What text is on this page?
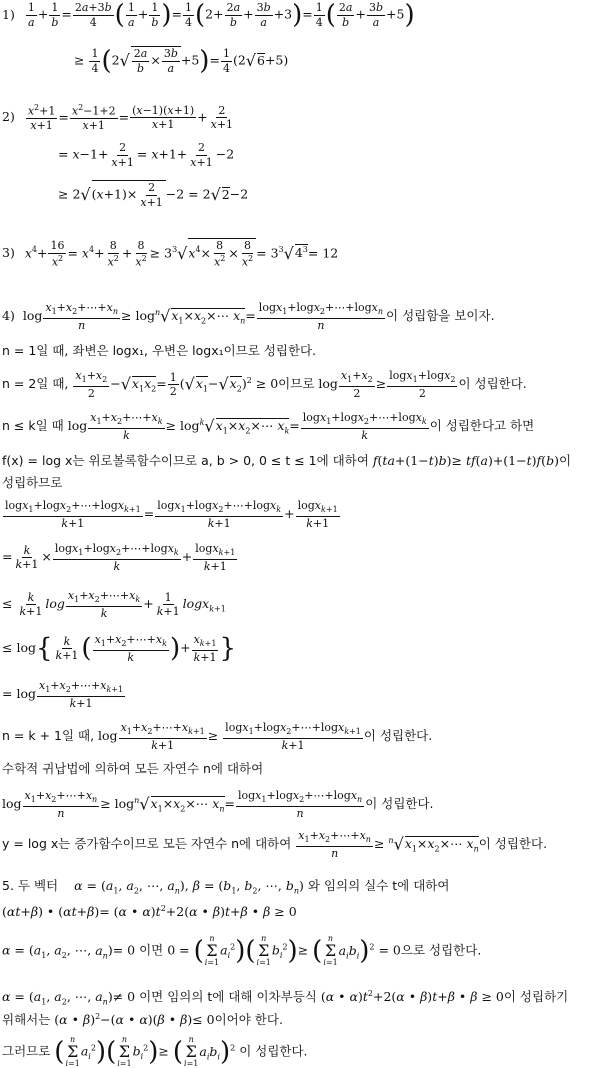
$1) \frac{1}{a} + \frac{1}{b} = \frac{2a+3b}{4}$ ( $\frac{1}{a} + \frac{1}{b}$ )= $\frac{1}{4} (2+ \frac{2a}{b} + \frac{3b}{a} +3)= \frac{1}{4}$ ( $\frac{2a}{b} + \frac{3b}{a} +5$)
≥ $\frac{1}{4} (2√ \frac{2a}{b} \times \frac{3b}{a} +5)= \frac{1}{4} (2√6+5)$
$2) \frac{x^2+1}{x+1} = \frac{x^2-1+2}{x+1} = \frac{(x-1)(x+1)}{x+1} + \frac{2}{x+1}$
= $x-1+ \frac{2}{x+1} = x+1+ \frac{2}{x+1} -2$
≥ $2√(x+1)\times \frac{2}{x+1} -2 = 2√2-2$
3) $x^4+ \frac{16}{x^2} = x^4+ \frac{8}{x^2} + \frac{8}{x^2} \ge 3^3√x^4\times \frac{8}{x^2} \times \frac{8}{x^2} = 3^3√4^3= 12$
4) $\log \frac{x_1+x_2+\cdots+x_n}{n}$ ≥ $\log^n√x_1\times x_2\times\cdots$ $x_n= \frac{\log x_1+\log x_2+\cdots+\log x_n}{n}$ 이 성립함을 보이자.
n = 1일 때, 좌변은 logx₁, 우변은 logx₁이므로 성립한다.
n = 2일 때, $\frac{x_1+x_2}{2} -√x_1x_2= \frac{1}{2} (√x_1-√x_2)^2 \ge 0$이므로 $\log \frac{x_1+x_2}{2} \ge \frac{\log x_1+\log x_2}{2}$ 이 성립한다.
n ≤ k일 때 $\log \frac{x_1+x_2+\cdots+x_k}{k}$ ≥ $\log^k√x_1\times x_2\times\cdots$ $x_k= \frac{\log x_1+\log x_2+\cdots+\log x_k}{k}$ 이 성립한다고 하면
f(x) = log x는 위로볼록함수이므로 a, b > 0, 0 ≤ t ≤ 1에 대하여 f(ta+(1−t)b)≥ tf(a)+(1−t)f(b)이
성립하므로
$\frac{\log x_1+\log x_2+\cdots+\log x_{k+1}}{k+1} = \frac{\log x_1+\log x_2+\cdots+\log x_k}{k+1} + \frac{\log x_{k+1}}{k+1}$
= $\frac{k}{k+1} \times \frac{\log x_1+\log x_2+\cdots+\log x_k}{k} + \frac{\log x_{k+1}}{k+1}$
≤ $\frac{k}{k+1}$ $\log \frac{x_1+x_2+\cdots+x_k}{k} + \frac{1}{k+1} \log x_{k+1}$
≤ $\log\{ \frac{k}{k+1}$ ( $\frac{x_1+x_2+\cdots+x_k}{k}$ )+ $\frac{x_{k+1}}{k+1}$ }
= $\log \frac{x_1+x_2+\cdots+x_{k+1}}{k+1}$
n = k + 1일 때, $\log \frac{x_1+x_2+\cdots+x_{k+1}}{k+1} \ge \frac{\log x_1+\log x_2+\cdots+\log x_{k+1}}{k+1}$ 이 성립한다.
수학적 귀납법에 의하여 모든 자연수 n에 대하여
$\log \frac{x_1+x_2+\cdots+x_n}{n}$ ≥ $\log^n√x_1\times x_2\times\cdots$ $x_n= \frac{\log x_1+\log x_2+\cdots+\log x_n}{n}$ 이 성립한다.
y = log x는 증가함수이므로 모든 자연수 n에 대하여 $\frac{x_1+x_2+\cdots+x_n}{n}$ ≥ $^n√x_1\times x_2\times\cdots$ $x_n$이 성립한다.
5. 두 벡터 $\alpha = (a_1$, $a_2$, ⋯, $a_n$), $\beta = (b_1$, $b_2$, ⋯, $b_n$) 와 임의의 실수 t에 대하여
(αt+β) • (αt+β)= (α • $\alpha)t^2+2(\alpha$ • β)t+β • β ≥ 0
$\alpha = (a_1$, $a_2$, ⋯, $a_n)= 0$ 이면 0 = ( n
Σ
i=1
$a_i^2$)( n
Σ
i=1
$b_i^2)\ge$ ( n
Σ
i=1
$a_ib_i)^2 = 0$으로 성립한다.
$\alpha = (a_1$, $a_2$, ⋯, $a_n)\ne 0$ 이면 임의의 t에 대해 이차부등식 (α • $\alpha)t^2+2(\alpha$ • β)t+β • β ≥ 0이 성립하기
위해서는 (α • β)$^2$−(α • α)(β • β)≤ 0이어야 한다.
그러므로 ( n
Σ
i=1
$a_i^2$)( n
Σ
i=1
$b_i^2)\ge$ ( n
Σ
i=1
$a_ib_i)^2$ 이 성립한다.
